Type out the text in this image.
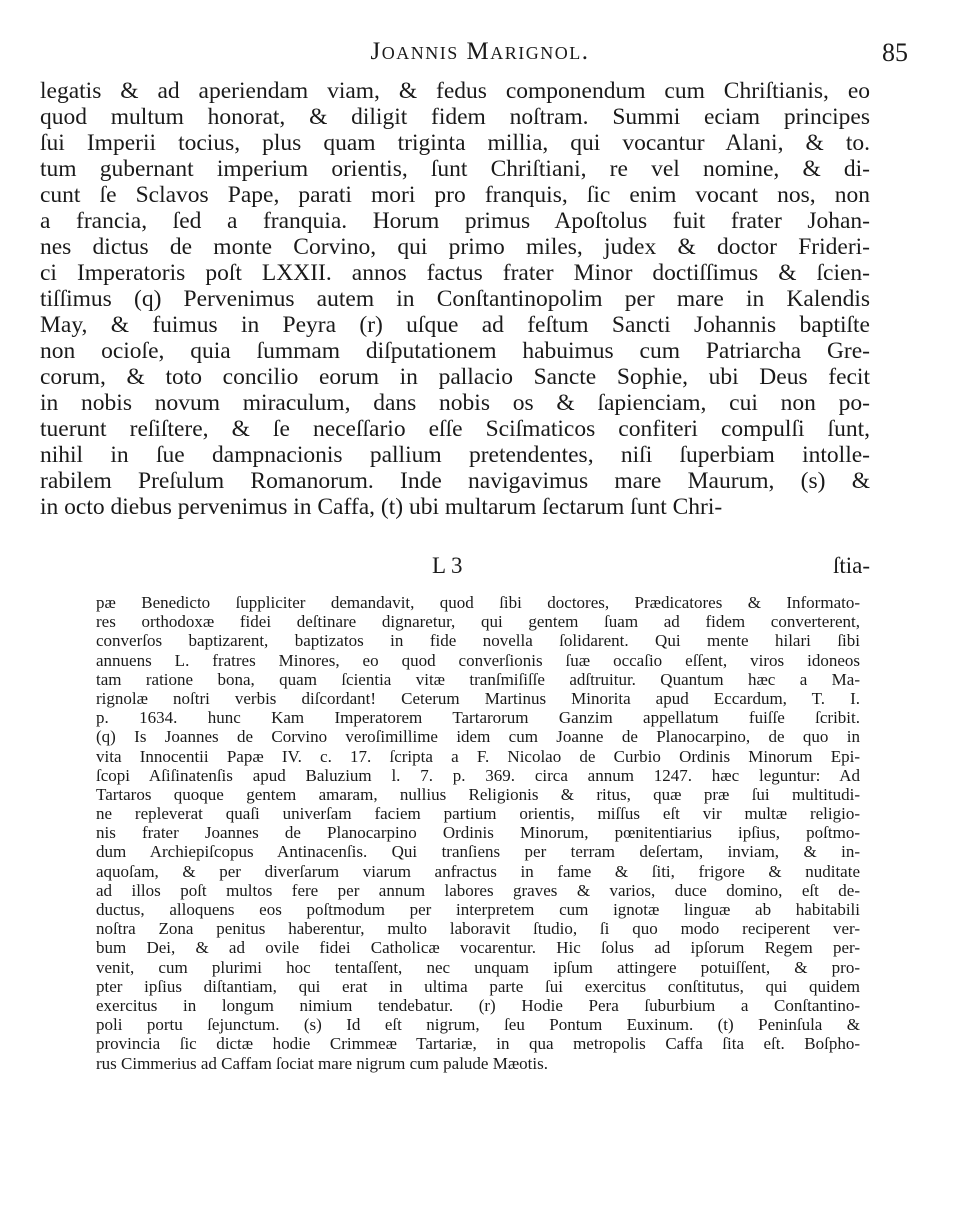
Joannis Marignol.	85
legatis & ad aperiendam viam, & fedus componendum cum Chriſtianis, eo
quod multum honorat, & diligit fidem noſtram. Summi eciam principes
ſui Imperii tocius, plus quam triginta millia, qui vocantur Alani, & to.
tum gubernant imperium orientis, ſunt Chriſtiani, re vel nomine, & di-
cunt ſe Sclavos Pape, parati mori pro franquis, ſic enim vocant nos, non
a francia, ſed a franquia. Horum primus Apoſtolus fuit frater Johan-
nes dictus de monte Corvino, qui primo miles, judex & doctor Frideri-
ci Imperatoris poſt LXXII. annos factus frater Minor doctiſſimus & ſcien-
tiſſimus (q) Pervenimus autem in Conſtantinopolim per mare in Kalendis
May, & fuimus in Peyra (r) uſque ad feſtum Sancti Johannis baptiſte
non ocioſe, quia ſummam diſputationem habuimus cum Patriarcha Gre-
corum, & toto concilio eorum in pallacio Sancte Sophie, ubi Deus fecit
in nobis novum miraculum, dans nobis os & ſapienciam, cui non po-
tuerunt reſiſtere, & ſe neceſſario eſſe Sciſmaticos confiteri compulſi ſunt,
nihil in ſue dampnacionis pallium pretendentes, niſi ſuperbiam intolle-
rabilem Preſulum Romanorum. Inde navigavimus mare Maurum, (s) &
in octo diebus pervenimus in Caffa, (t) ubi multarum ſectarum ſunt Chri-
L 3	ſtia-
pæ Benedicto ſuppliciter demandavit, quod ſibi doctores, Prædicatores & Informato-
res orthodoxæ fidei deſtinare dignaretur, qui gentem ſuam ad fidem converterent,
converſos baptizarent, baptizatos in fide novella ſolidarent. Qui mente hilari ſibi
annuens L. fratres Minores, eo quod converſionis ſuæ occaſio eſſent, viros idoneos
tam ratione bona, quam ſcientia vitæ tranſmiſiſſe adſtruitur. Quantum hæc a Ma-
rignolæ noſtri verbis diſcordant! Ceterum Martinus Minorita apud Eccardum, T. I.
p. 1634. hunc Kam Imperatorem Tartarorum Ganzim appellatum fuiſſe ſcribit.
(q) Is Joannes de Corvino veroſimillime idem cum Joanne de Planocarpino, de quo in
vita Innocentii Papæ IV. c. 17. ſcripta a F. Nicolao de Curbio Ordinis Minorum Epi-
ſcopi Aſiſinatenſis apud Baluzium l. 7. p. 369. circa annum 1247. hæc leguntur: Ad
Tartaros quoque gentem amaram, nullius Religionis & ritus, quæ præ ſui multitudi-
ne repleverat quaſi univerſam faciem partium orientis, miſſus eſt vir multæ religio-
nis frater Joannes de Planocarpino Ordinis Minorum, pœnitentiarius ipſius, poſtmo-
dum Archiepiſcopus Antinacenſis. Qui tranſiens per terram deſertam, inviam, & in-
aquoſam, & per diverſarum viarum anfractus in fame & ſiti, frigore & nuditate
ad illos poſt multos fere per annum labores graves & varios, duce domino, eſt de-
ductus, alloquens eos poſtmodum per interpretem cum ignotæ linguæ ab habitabili
noſtra Zona penitus haberentur, multo laboravit ſtudio, ſi quo modo reciperent ver-
bum Dei, & ad ovile fidei Catholicæ vocarentur. Hic ſolus ad ipſorum Regem per-
venit, cum plurimi hoc tentaſſent, nec unquam ipſum attingere potuiſſent, & pro-
pter ipſius diſtantiam, qui erat in ultima parte ſui exercitus conſtitutus, qui quidem
exercitus in longum nimium tendebatur. (r) Hodie Pera ſuburbium a Conſtantino-
poli portu ſejunctum. (s) Id eſt nigrum, ſeu Pontum Euxinum. (t) Peninſula &
provincia ſic dictæ hodie Crimmeæ Tartariæ, in qua metropolis Caffa ſita eſt. Boſpho-
rus Cimmerius ad Caffam ſociat mare nigrum cum palude Mæotis.
